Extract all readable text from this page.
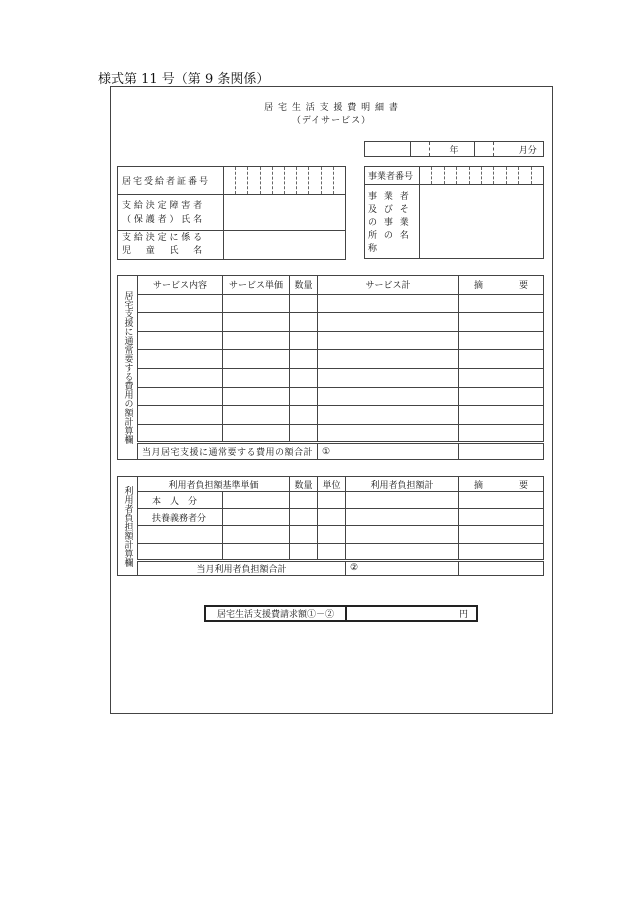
様式第 11 号（第 9 条関係）
居 宅 生 活 支 援 費 明 細 書
（デイサービス）
			年			月分
居宅受給者証番号	

支 給 決 定 障 害 者
（ 保 護 者 ） 氏 名	

支 給 決 定 に 係 る
児 　 童 　 氏 　 名	

事業者番号	

事 業 者 及 び そ の 事 業 所 の 名 称	
居宅支援に通常要する費用の額計算欄	サービス内容	サービス単価	数量	サービス計	摘　　　　要

	当月居宅支援に通常要する費用の額合計			①	
利用者負担額計算欄	利用者負担額基準単価		数量	単位	利用者負担額計	摘　　　　要
	本　人　分					
	扶養義務者分					

	当月利用者負担額合計				②	
居宅生活支援費請求額①－②	円
